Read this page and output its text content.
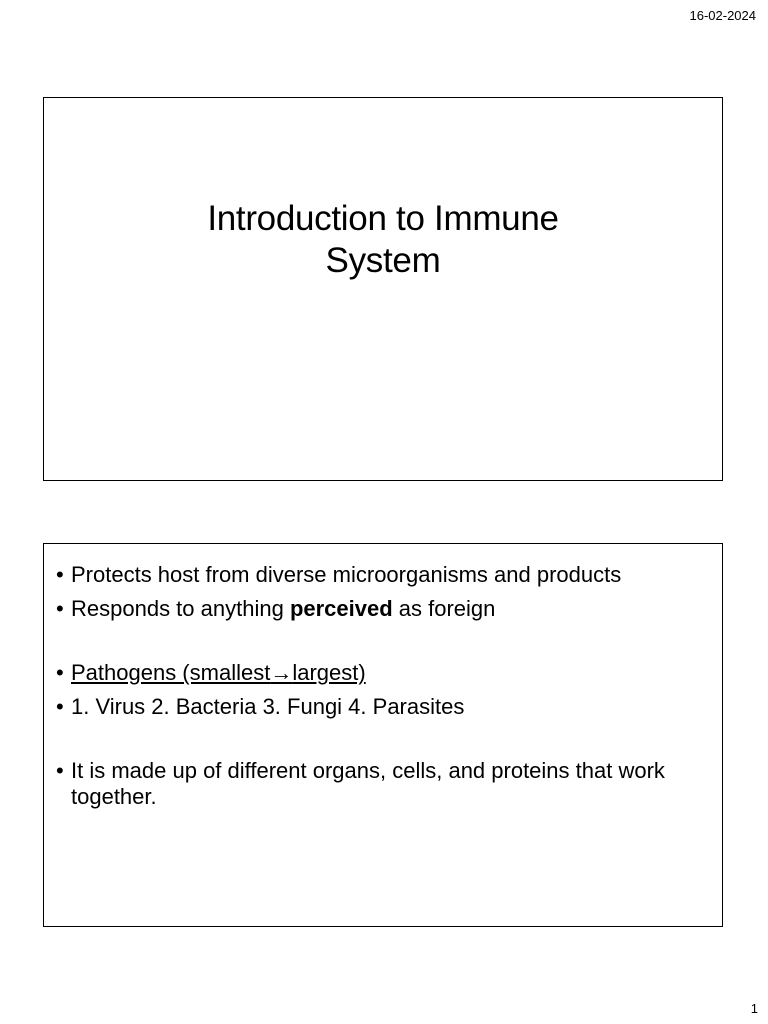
16-02-2024
Introduction to Immune
System
• Protects host from diverse microorganisms and products
• Responds to anything perceived as foreign
• Pathogens (smallest→largest)
• 1. Virus 2. Bacteria 3. Fungi 4. Parasites
• It is made up of different organs, cells, and proteins that work together.
1
